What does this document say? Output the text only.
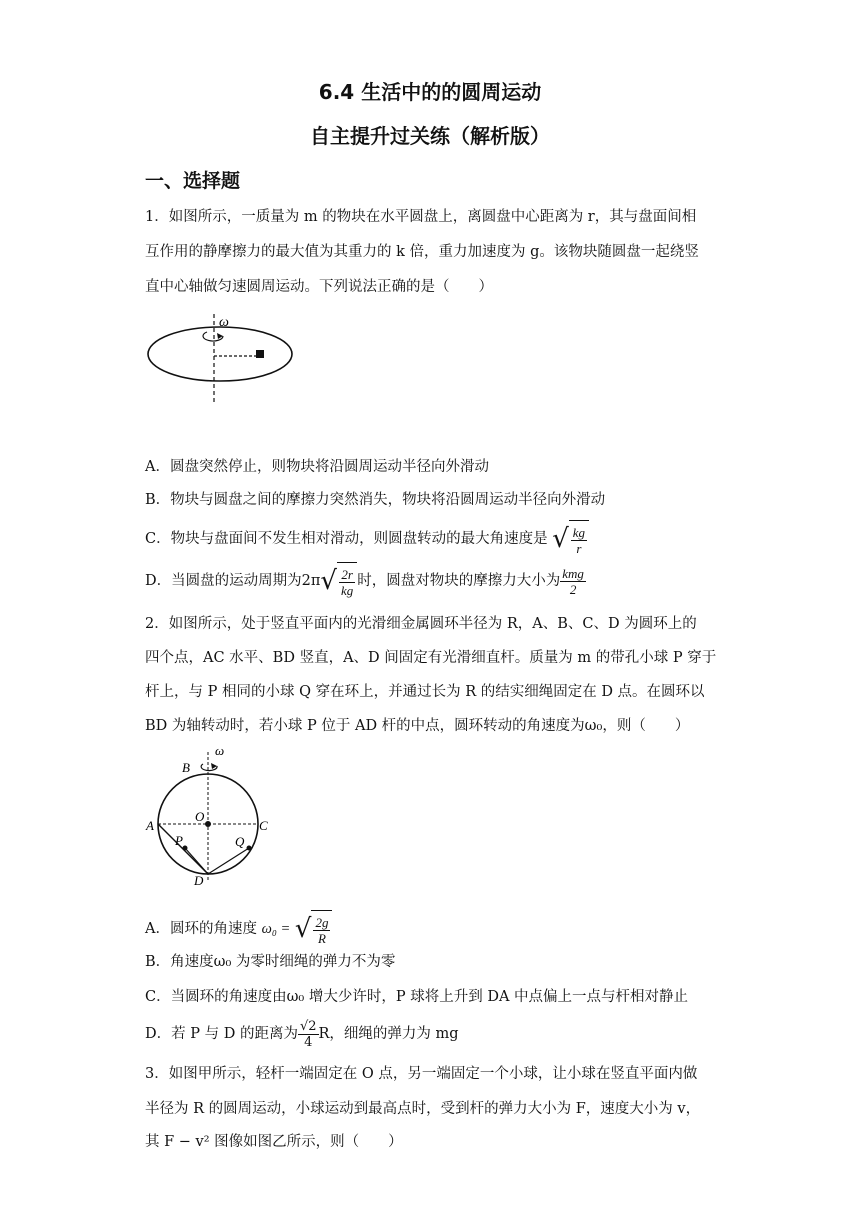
6.4 生活中的的圆周运动
自主提升过关练（解析版）
一、选择题
1．如图所示，一质量为 m 的物块在水平圆盘上，离圆盘中心距离为 r，其与盘面间相
互作用的静摩擦力的最大值为其重力的 k 倍，重力加速度为 g。该物块随圆盘一起绕竖
直中心轴做匀速圆周运动。下列说法正确的是（　　）
ω
A．圆盘突然停止，则物块将沿圆周运动半径向外滑动
B．物块与圆盘之间的摩擦力突然消失，物块将沿圆周运动半径向外滑动
C．物块与盘面间不发生相对滑动，则圆盘转动的最大角速度是 √ $\frac{kg}{r}$
D．当圆盘的运动周期为2π √ $\frac{2r}{kg}$ 时，圆盘对物块的摩擦力大小为 $\frac{\text{kmg}}{2}$
2．如图所示，处于竖直平面内的光滑细金属圆环半径为 R，A、B、C、D 为圆环上的
四个点，AC 水平、BD 竖直，A、D 间固定有光滑细直杆。质量为 m 的带孔小球 P 穿于
杆上，与 P 相同的小球 Q 穿在环上，并通过长为 R 的结实细绳固定在 D 点。在圆环以
BD 为轴转动时，若小球 P 位于 AD 杆的中点，圆环转动的角速度为ω₀，则（　　）
ω
B
A	C
O
P	Q
D
A．圆环的角速度 ω₀ = √ $\frac{2g}{R}$
B．角速度ω₀ 为零时细绳的弹力不为零
C．当圆环的角速度由ω₀ 增大少许时，P 球将上升到 DA 中点偏上一点与杆相对静止
D．若 P 与 D 的距离为 $\frac{√2}{4}$ R，细绳的弹力为 mg
3．如图甲所示，轻杆一端固定在 O 点，另一端固定一个小球，让小球在竖直平面内做
半径为 R 的圆周运动，小球运动到最高点时，受到杆的弹力大小为 F，速度大小为 v，
其 F − v² 图像如图乙所示，则（　　）
